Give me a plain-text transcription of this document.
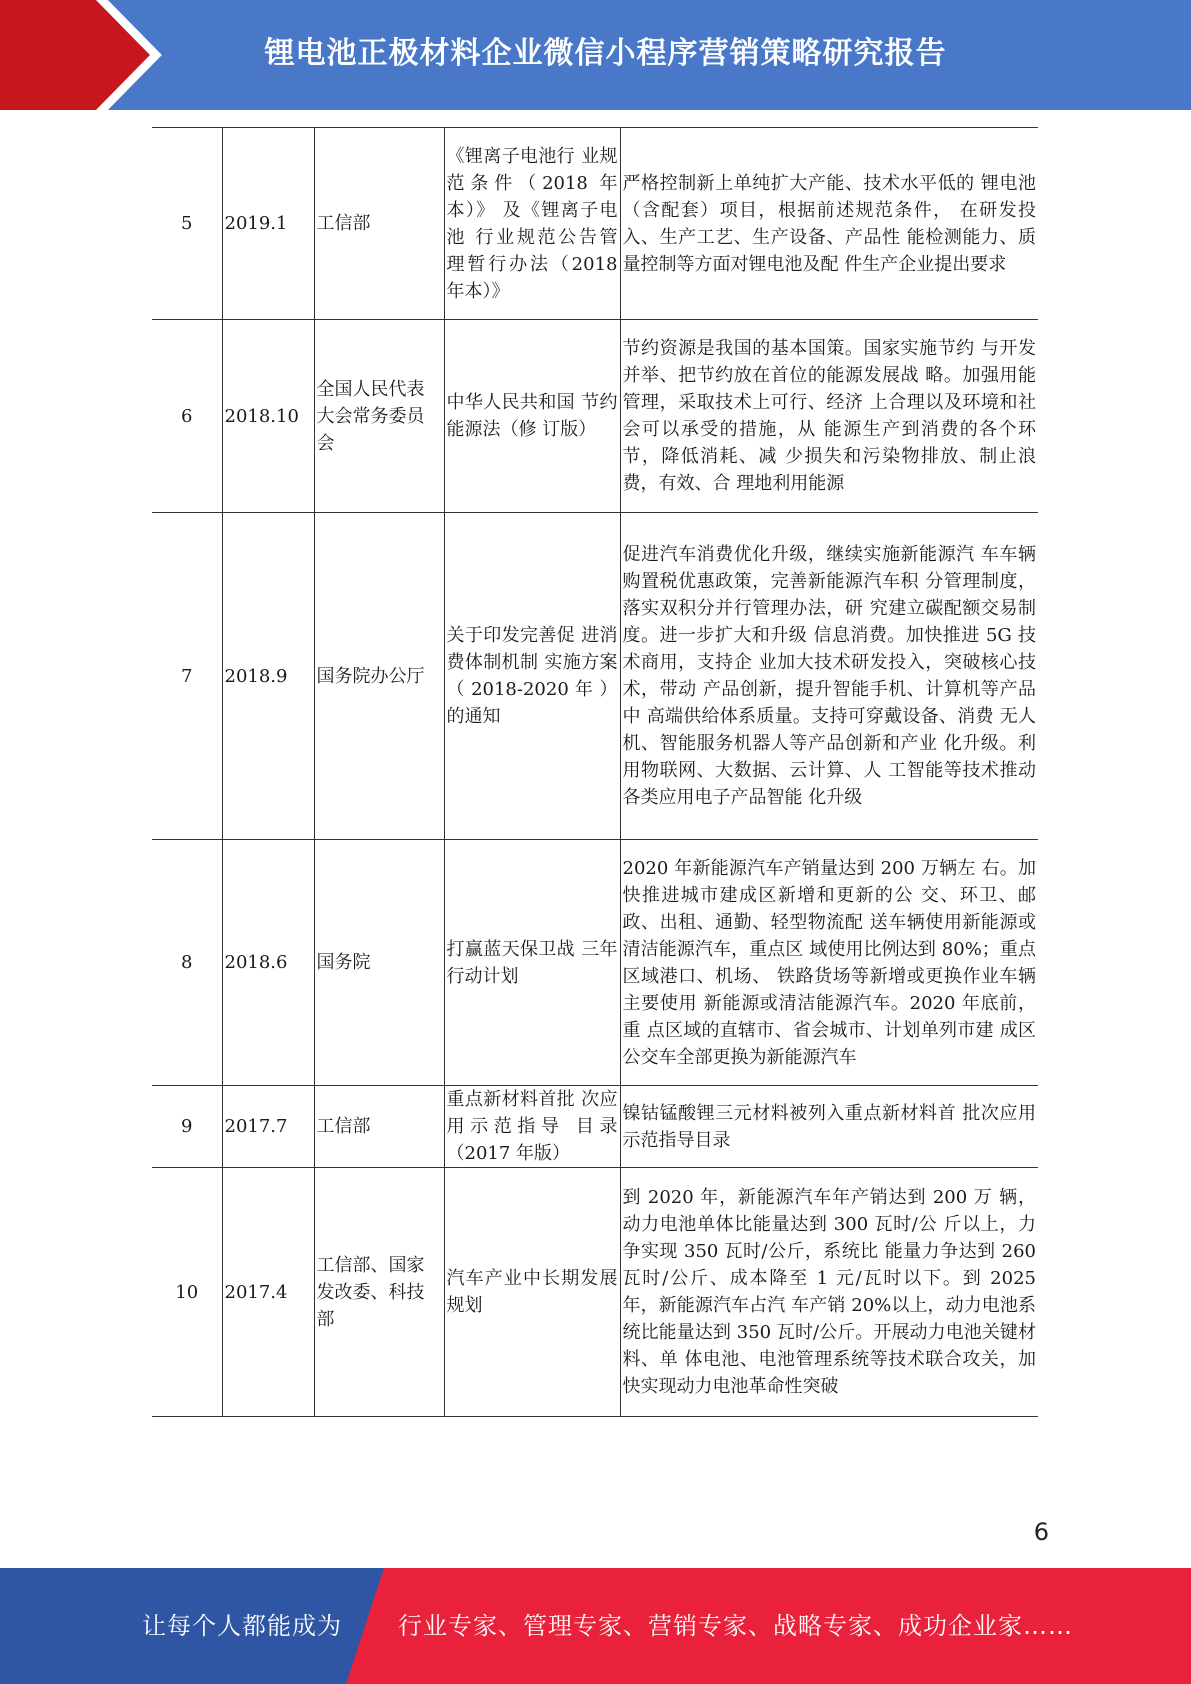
锂电池正极材料企业微信小程序营销策略研究报告
5	2019.1	工信部	《锂离子电池行 业规范条件（2018 年本）》 及《锂离子电池 行业规范公告管 理暂行办法（2018 年本）》	严格控制新上单纯扩大产能、技术水平低的 锂电池（含配套）项目，根据前述规范条件， 在研发投入、生产工艺、生产设备、产品性 能检测能力、质量控制等方面对锂电池及配 件生产企业提出要求
6	2018.10	全国人民代表大会常务委员会	中华人民共和国 节约能源法（修 订版）	节约资源是我国的基本国策。国家实施节约 与开发并举、把节约放在首位的能源发展战 略。加强用能管理，采取技术上可行、经济 上合理以及环境和社会可以承受的措施，从 能源生产到消费的各个环节，降低消耗、减 少损失和污染物排放、制止浪费，有效、合 理地利用能源
7	2018.9	国务院办公厅	关于印发完善促 进消费体制机制 实施方案（ 2018-2020 年 ）的通知	促进汽车消费优化升级，继续实施新能源汽 车车辆购置税优惠政策，完善新能源汽车积 分管理制度，落实双积分并行管理办法，研 究建立碳配额交易制度。进一步扩大和升级 信息消费。加快推进 5G 技术商用，支持企 业加大技术研发投入，突破核心技术，带动 产品创新，提升智能手机、计算机等产品中 高端供给体系质量。支持可穿戴设备、消费 无人机、智能服务机器人等产品创新和产业 化升级。利用物联网、大数据、云计算、人 工智能等技术推动各类应用电子产品智能 化升级
8	2018.6	国务院	打赢蓝天保卫战 三年行动计划	2020 年新能源汽车产销量达到 200 万辆左 右。加快推进城市建成区新增和更新的公 交、环卫、邮政、出租、通勤、轻型物流配 送车辆使用新能源或清洁能源汽车，重点区 域使用比例达到 80%；重点区域港口、机场、 铁路货场等新增或更换作业车辆主要使用 新能源或清洁能源汽车。2020 年底前，重 点区域的直辖市、省会城市、计划单列市建 成区公交车全部更换为新能源汽车
9	2017.7	工信部	重点新材料首批 次应用示范指导 目录（2017 年版）	镍钴锰酸锂三元材料被列入重点新材料首 批次应用示范指导目录
10	2017.4	工信部、国家发改委、科技部	汽车产业中长期发展规划	到 2020 年，新能源汽车年产销达到 200 万 辆，动力电池单体比能量达到 300 瓦时/公 斤以上，力争实现 350 瓦时/公斤，系统比 能量力争达到 260 瓦时/公斤、成本降至 1 元/瓦时以下。到 2025 年，新能源汽车占汽 车产销 20%以上，动力电池系统比能量达到 350 瓦时/公斤。开展动力电池关键材料、单 体电池、电池管理系统等技术联合攻关，加 快实现动力电池革命性突破
6
让每个人都能成为 行业专家、管理专家、营销专家、战略专家、成功企业家……
